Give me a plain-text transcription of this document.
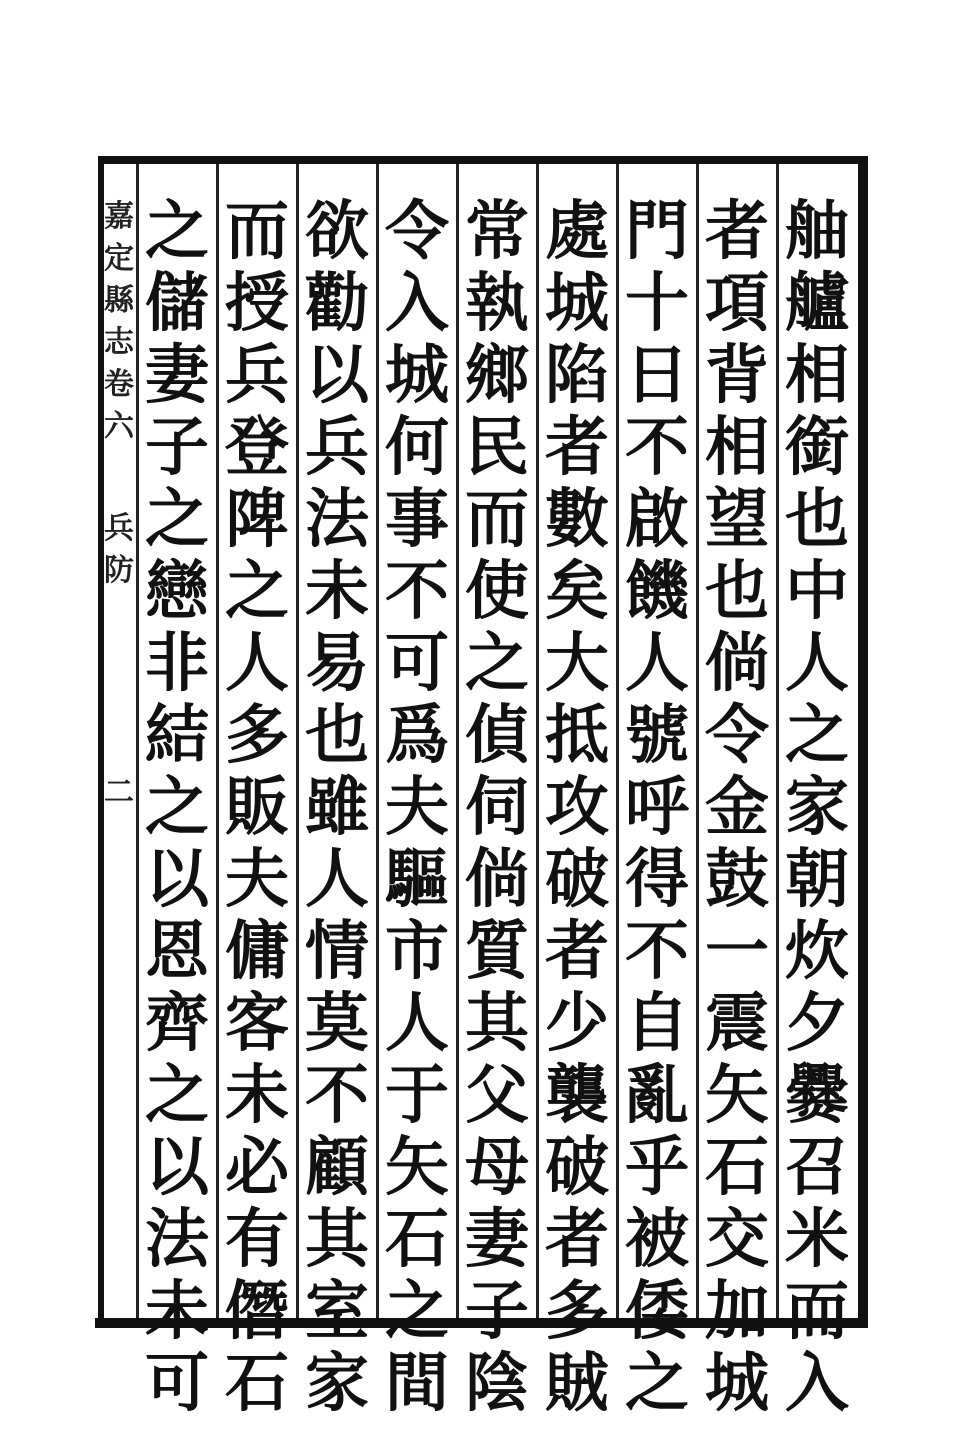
嘉
定
縣
志
卷
六
兵
防
二
舳
艫
相
銜
也
中
人
之
家
朝
炊
夕
爨
召
米
而
入
者
項
背
相
望
也
倘
令
金
鼓
一
震
矢
石
交
加
城
門
十
日
不
啟
饑
人
號
呼
得
不
自
亂
乎
被
倭
之
處
城
陷
者
數
矣
大
抵
攻
破
者
少
襲
破
者
多
賊
常
執
鄉
民
而
使
之
偵
伺
倘
質
其
父
母
妻
子
陰
令
入
城
何
事
不
可
爲
夫
驅
市
人
于
矢
石
之
間
欲
勸
以
兵
法
未
易
也
雖
人
情
莫
不
顧
其
室
家
而
授
兵
登
陴
之
人
多
販
夫
傭
客
未
必
有
僭
石
之
儲
妻
子
之
戀
非
結
之
以
恩
齊
之
以
法
未
可
